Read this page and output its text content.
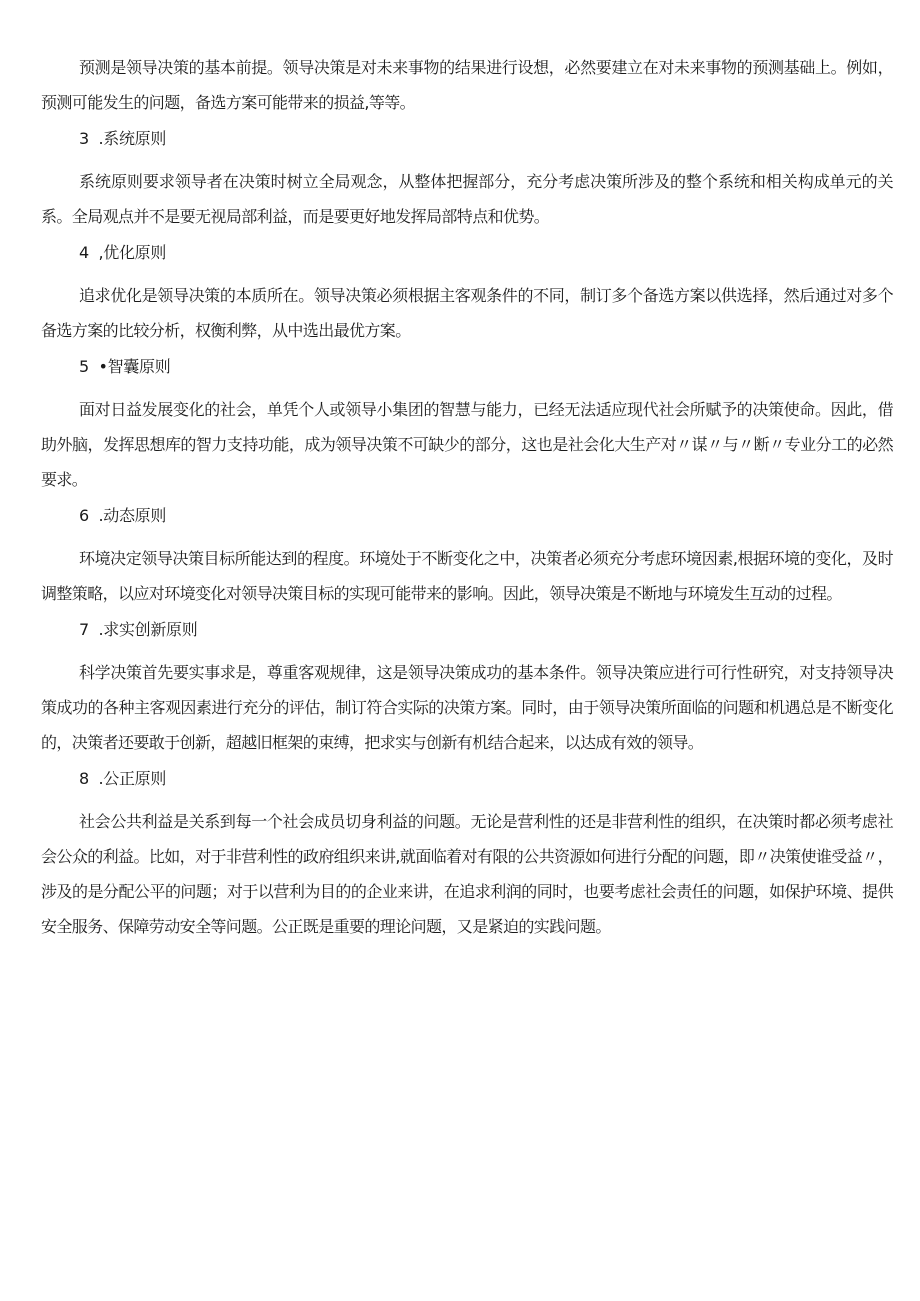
预测是领导决策的基本前提。领导决策是对未来事物的结果进行设想，必然要建立在对未来事物的预测基础上。例如，预测可能发生的问题，备选方案可能带来的损益,等等。

3  .系统原则

系统原则要求领导者在决策时树立全局观念，从整体把握部分，充分考虑决策所涉及的整个系统和相关构成单元的关系。全局观点并不是要无视局部利益，而是要更好地发挥局部特点和优势。

4  ,优化原则

追求优化是领导决策的本质所在。领导决策必须根据主客观条件的不同，制订多个备选方案以供选择，然后通过对多个备选方案的比较分析，权衡利弊，从中选出最优方案。

5  •智囊原则

面对日益发展变化的社会，单凭个人或领导小集团的智慧与能力，已经无法适应现代社会所赋予的决策使命。因此，借助外脑，发挥思想库的智力支持功能，成为领导决策不可缺少的部分，这也是社会化大生产对〃谋〃与〃断〃专业分工的必然要求。

6  .动态原则

环境决定领导决策目标所能达到的程度。环境处于不断变化之中，决策者必须充分考虑环境因素,根据环境的变化，及时调整策略，以应对环境变化对领导决策目标的实现可能带来的影响。因此，领导决策是不断地与环境发生互动的过程。

7  .求实创新原则

科学决策首先要实事求是，尊重客观规律，这是领导决策成功的基本条件。领导决策应进行可行性研究，对支持领导决策成功的各种主客观因素进行充分的评估，制订符合实际的决策方案。同时，由于领导决策所面临的问题和机遇总是不断变化的，决策者还要敢于创新，超越旧框架的束缚，把求实与创新有机结合起来，以达成有效的领导。

8  .公正原则

社会公共利益是关系到每一个社会成员切身利益的问题。无论是营利性的还是非营利性的组织，在决策时都必须考虑社会公众的利益。比如，对于非营利性的政府组织来讲,就面临着对有限的公共资源如何进行分配的问题，即〃决策使谁受益〃，涉及的是分配公平的问题；对于以营利为目的的企业来讲，在追求利润的同时，也要考虑社会责任的问题，如保护环境、提供安全服务、保障劳动安全等问题。公正既是重要的理论问题，又是紧迫的实践问题。
